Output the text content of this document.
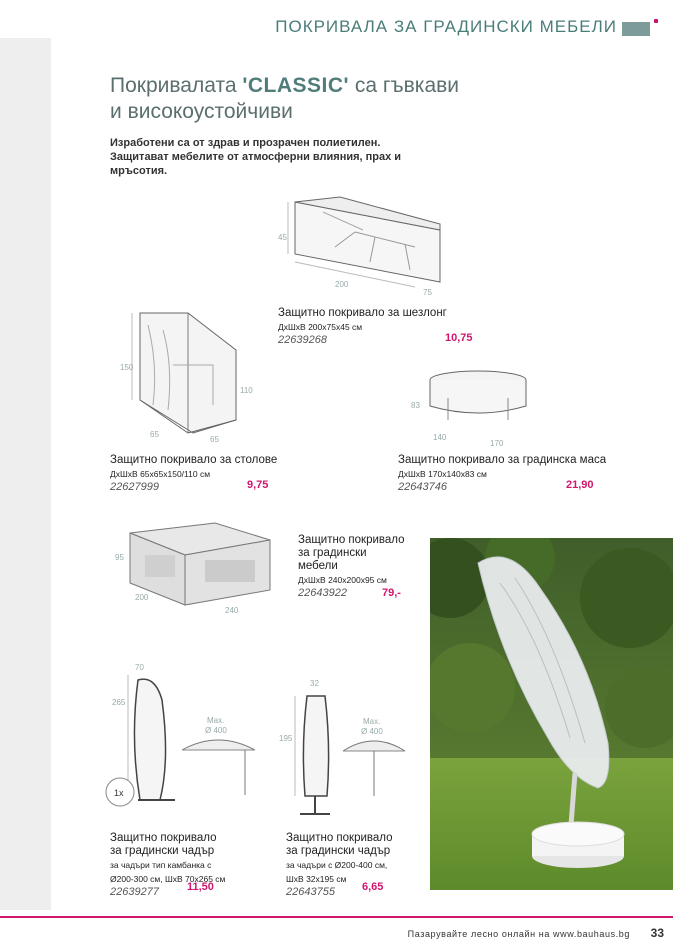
ПОКРИВАЛА ЗА ГРАДИНСКИ МЕБЕЛИ
Покривалата 'CLASSIC' са гъвкави
и високоустойчиви
Изработени са от здрав и прозрачен полиетилен.
Защитават мебелите от атмосферни влияния, прах и
мръсотия.
45
200
75
Защитно покривало за шезлонг
ДхШхВ 200x75x45 см
22639268	10,75
150
110
65
65
Защитно покривало за столове
ДхШхВ 65x65x150/110 см
22627999	9,75
83
140
170
Защитно покривало за градинска маса
ДхШхВ 170x140x83 см
22643746	21,90
95
200
240
Защитно покривало
за градински
мебели
ДхШхВ 240x200x95 см
22643922	79,-
70
265
1x
Max.
Ø 400
Защитно покривало
за градински чадър
за чадъри тип камбанка с
Ø200-300 см, ШхВ 70x265 см
22639277	11,50
32
195
Max.
Ø 400
Защитно покривало
за градински чадър
за чадъри с Ø200-400 см,
ШхВ 32x195 см
22643755	6,65
Пазарувайте лесно онлайн на www.bauhaus.bg 33
